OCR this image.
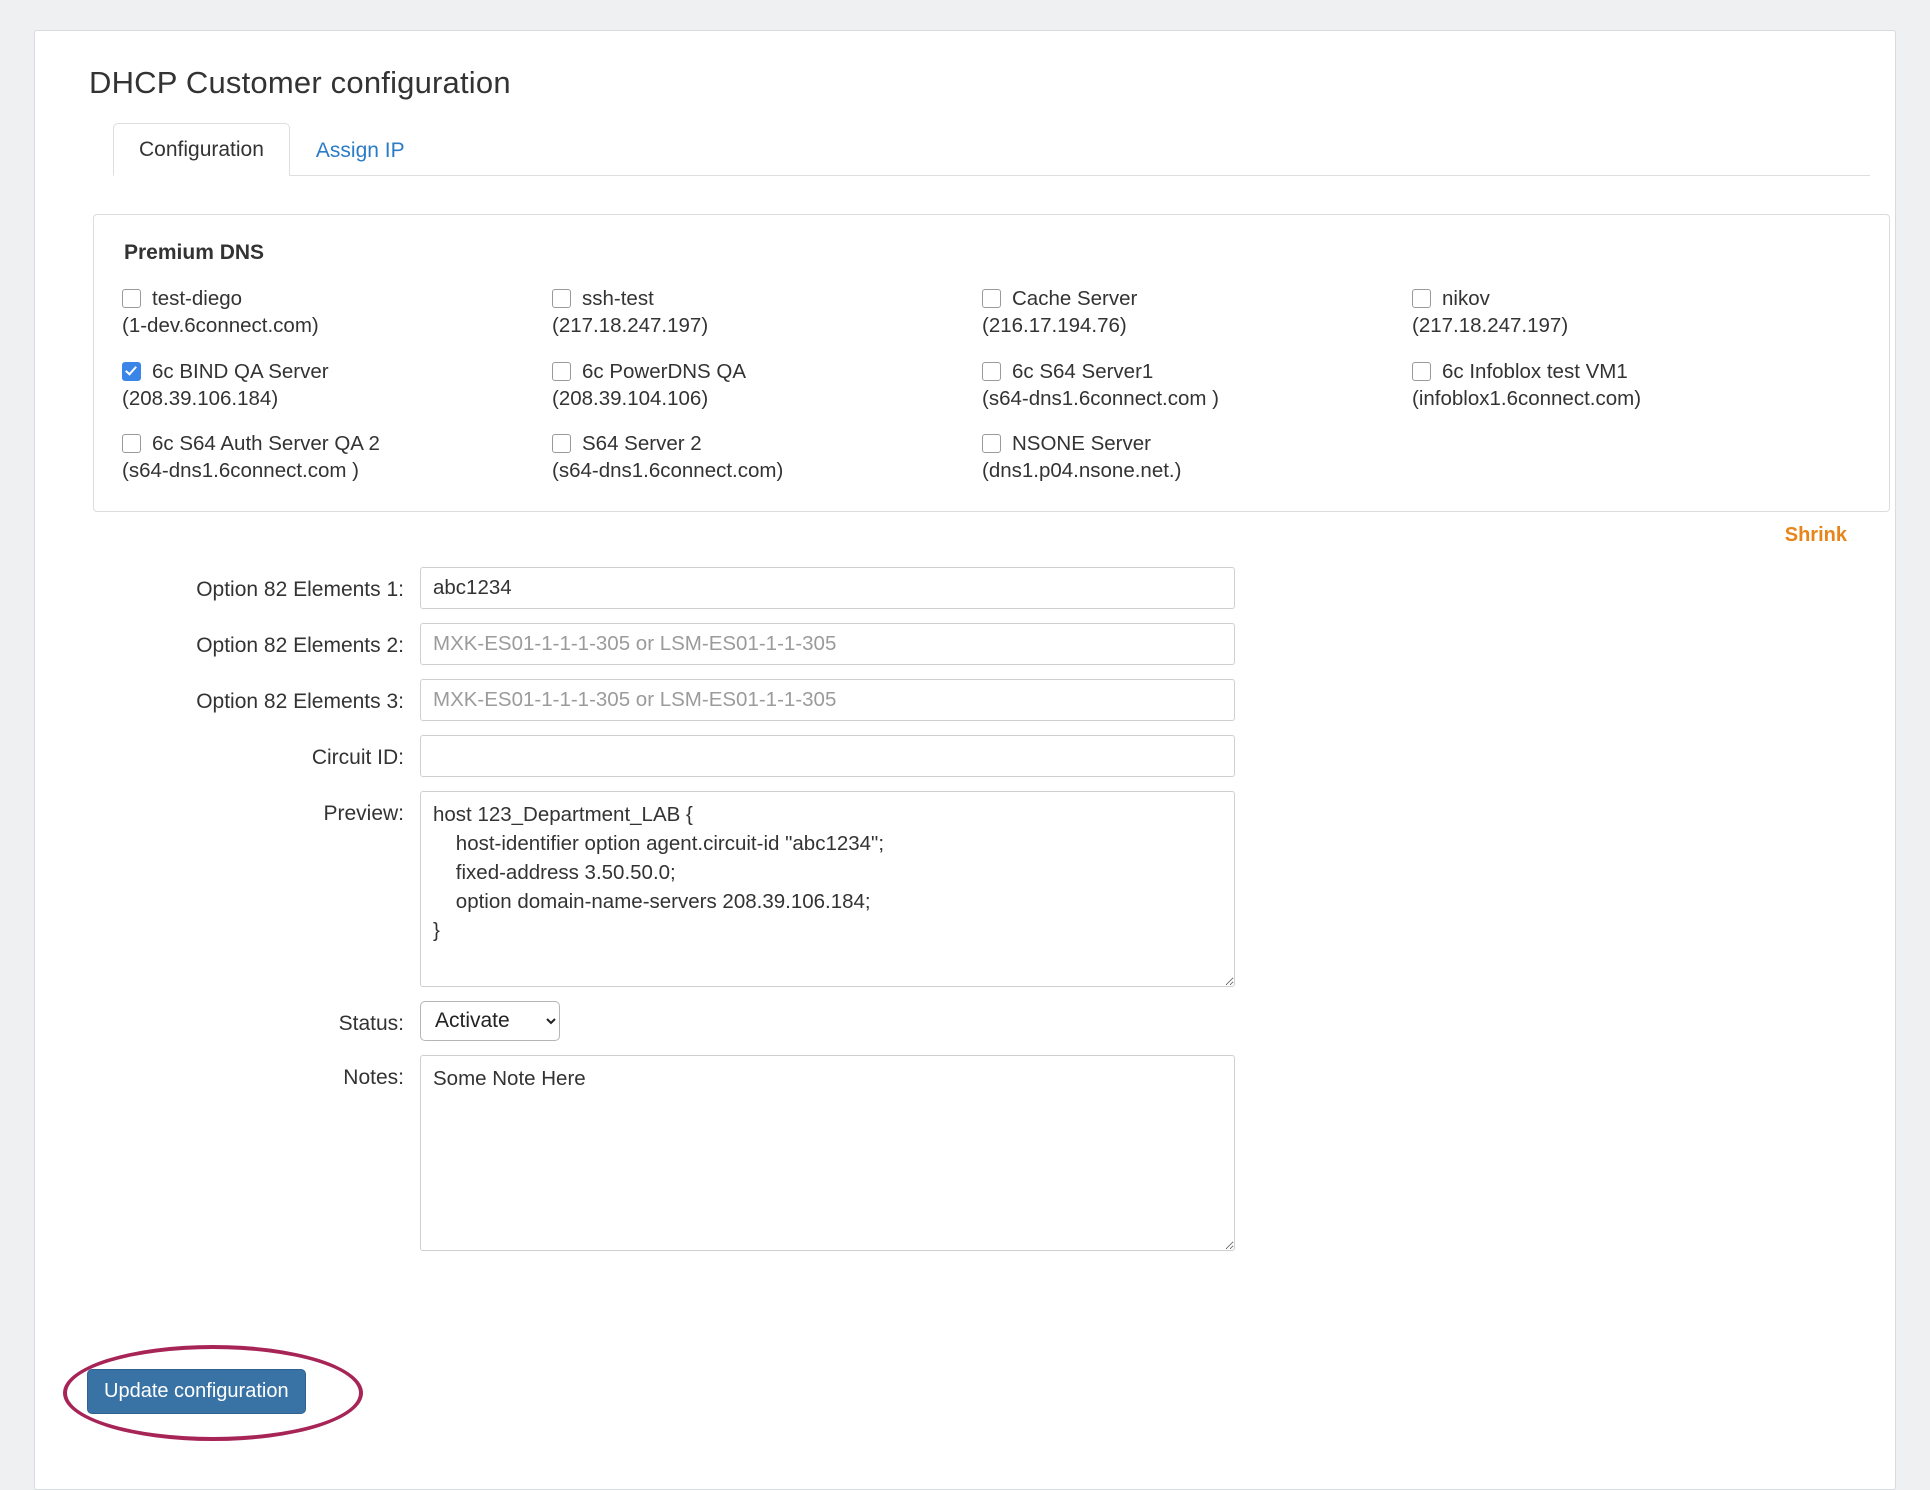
DHCP Customer configuration
Configuration	Assign IP
Premium DNS
test-diego
(1-dev.6connect.com)
ssh-test
(217.18.247.197)
Cache Server
(216.17.194.76)
nikov
(217.18.247.197)
6c BIND QA Server
(208.39.106.184)
6c PowerDNS QA
(208.39.104.106)
6c S64 Server1
(s64-dns1.6connect.com )
6c Infoblox test VM1
(infoblox1.6connect.com)
6c S64 Auth Server QA 2
(s64-dns1.6connect.com )
S64 Server 2
(s64-dns1.6connect.com)
NSONE Server
(dns1.p04.nsone.net.)
Shrink
Option 82 Elements 1:
abc1234
Option 82 Elements 2:
MXK-ES01-1-1-1-305 or LSM-ES01-1-1-305
Option 82 Elements 3:
MXK-ES01-1-1-1-305 or LSM-ES01-1-1-305
Circuit ID:
Preview:
host 123_Department_LAB { host-identifier option agent.circuit-id "abc1234"; fixed-address 3.50.50.0; option domain-name-servers 208.39.106.184; }
Status:
Activate
Notes:
Some Note Here
Update configuration
